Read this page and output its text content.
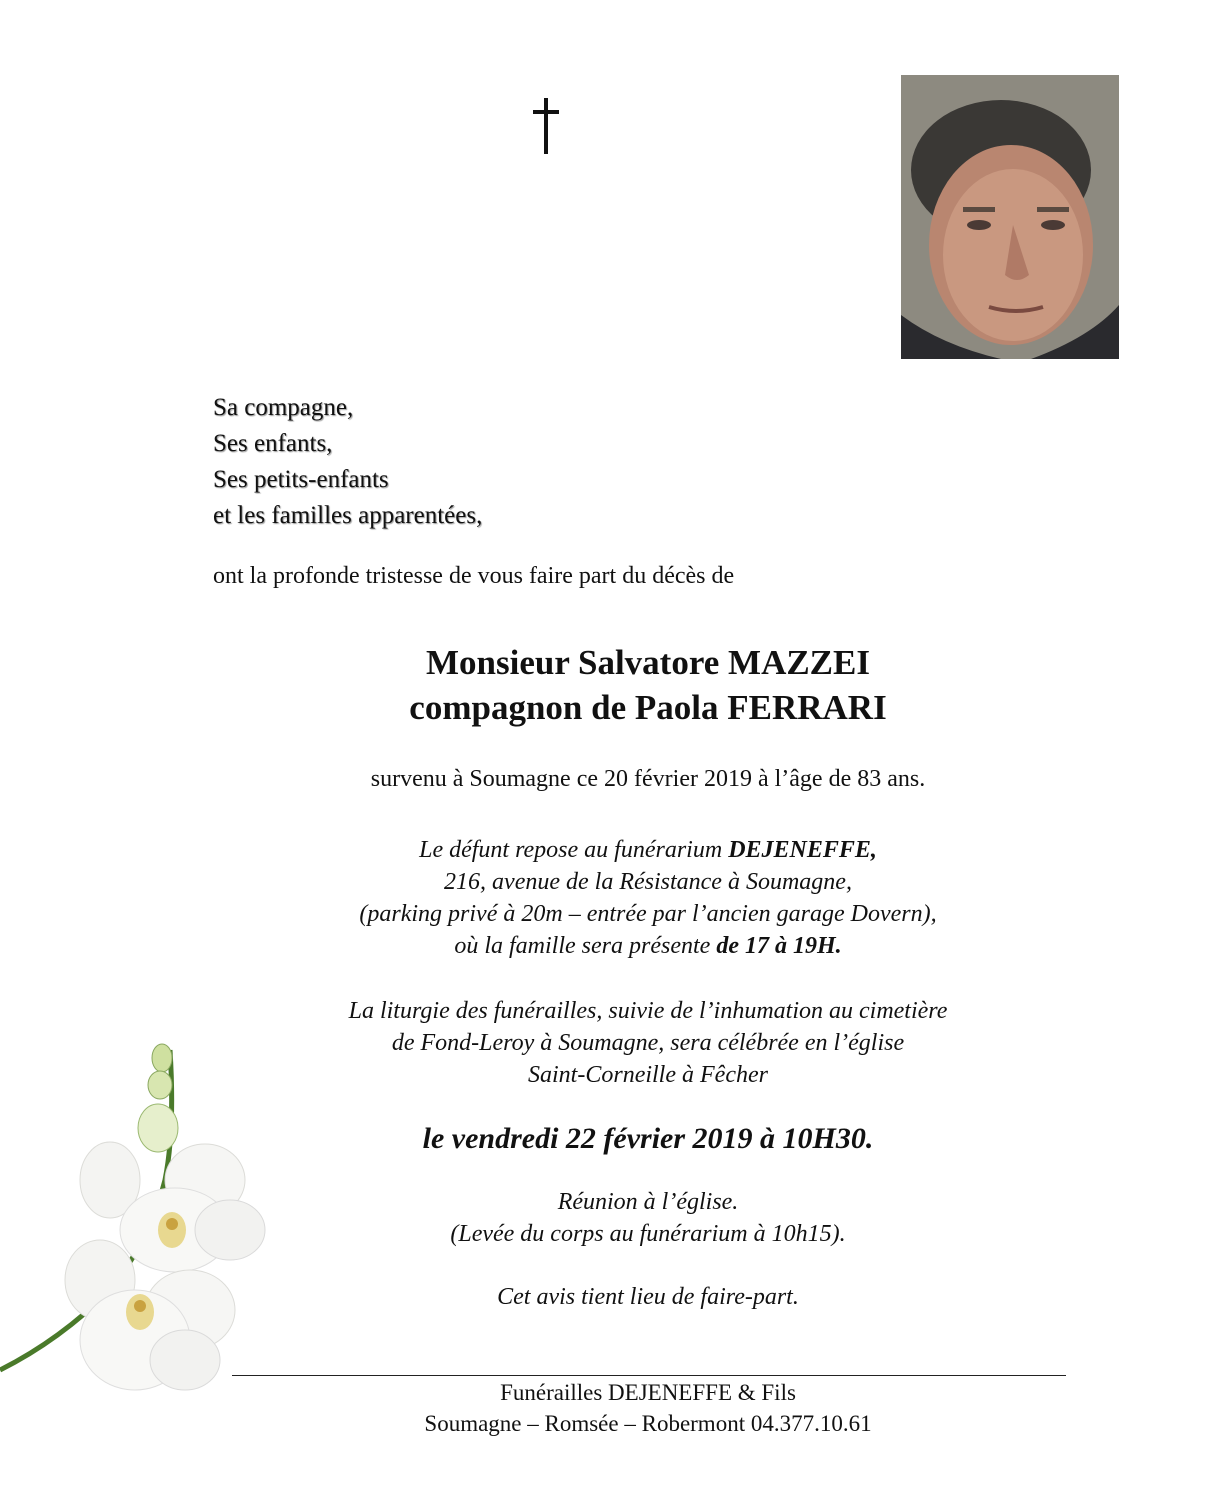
Sa compagne,
Ses enfants,
Ses petits-enfants
et les familles apparentées,
ont la profonde tristesse de vous faire part du décès de
Monsieur Salvatore MAZZEI
compagnon de Paola FERRARI
survenu à Soumagne ce 20 février 2019 à l’âge de 83 ans.
Le défunt repose au funérarium DEJENEFFE,
216, avenue de la Résistance à Soumagne,
(parking privé à 20m – entrée par l’ancien garage Dovern),
où la famille sera présente de 17 à 19H.
La liturgie des funérailles, suivie de l’inhumation au cimetière
de Fond-Leroy à Soumagne, sera célébrée en l’église
Saint-Corneille à Fêcher
le vendredi 22 février 2019 à 10H30.
Réunion à l’église.
(Levée du corps au funérarium à 10h15).
Cet avis tient lieu de faire-part.
Funérailles DEJENEFFE & Fils
Soumagne – Romsée – Robermont 04.377.10.61
